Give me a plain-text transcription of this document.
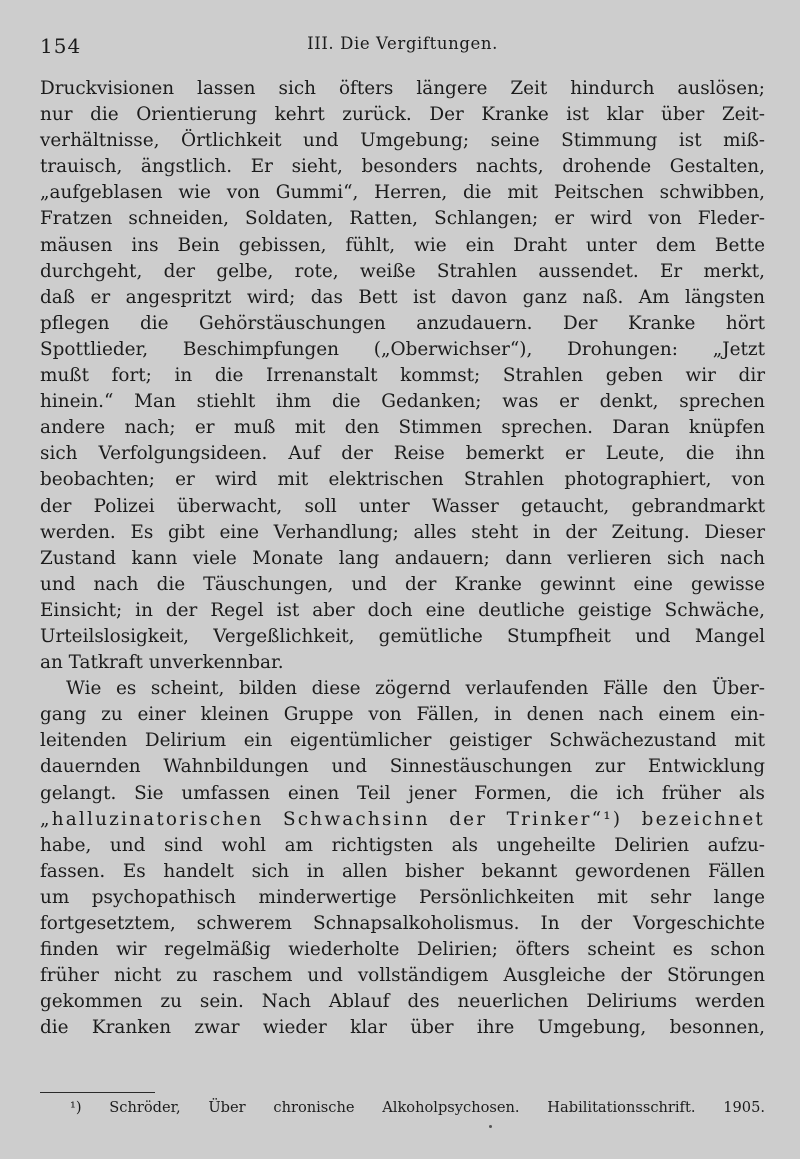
154	III. Die Vergiftungen.
Druckvisionen lassen sich öfters längere Zeit hindurch auslösen;
nur die Orientierung kehrt zurück. Der Kranke ist klar über Zeit-
verhältnisse, Örtlichkeit und Umgebung; seine Stimmung ist miß-
trauisch, ängstlich. Er sieht, besonders nachts, drohende Gestalten,
„aufgeblasen wie von Gummi“, Herren, die mit Peitschen schwibben,
Fratzen schneiden, Soldaten, Ratten, Schlangen; er wird von Fleder-
mäusen ins Bein gebissen, fühlt, wie ein Draht unter dem Bette
durchgeht, der gelbe, rote, weiße Strahlen aussendet. Er merkt,
daß er angespritzt wird; das Bett ist davon ganz naß. Am längsten
pflegen die Gehörstäuschungen anzudauern. Der Kranke hört
Spottlieder, Beschimpfungen („Oberwichser“), Drohungen: „Jetzt
mußt fort; in die Irrenanstalt kommst; Strahlen geben wir dir
hinein.“ Man stiehlt ihm die Gedanken; was er denkt, sprechen
andere nach; er muß mit den Stimmen sprechen. Daran knüpfen
sich Verfolgungsideen. Auf der Reise bemerkt er Leute, die ihn
beobachten; er wird mit elektrischen Strahlen photographiert, von
der Polizei überwacht, soll unter Wasser getaucht, gebrandmarkt
werden. Es gibt eine Verhandlung; alles steht in der Zeitung. Dieser
Zustand kann viele Monate lang andauern; dann verlieren sich nach
und nach die Täuschungen, und der Kranke gewinnt eine gewisse
Einsicht; in der Regel ist aber doch eine deutliche geistige Schwäche,
Urteilslosigkeit, Vergeßlichkeit, gemütliche Stumpfheit und Mangel
an Tatkraft unverkennbar.
Wie es scheint, bilden diese zögernd verlaufenden Fälle den Über-
gang zu einer kleinen Gruppe von Fällen, in denen nach einem ein-
leitenden Delirium ein eigentümlicher geistiger Schwächezustand mit
dauernden Wahnbildungen und Sinnestäuschungen zur Entwicklung
gelangt. Sie umfassen einen Teil jener Formen, die ich früher als
„halluzinatorischen Schwachsinn der Trinker“¹) bezeichnet
habe, und sind wohl am richtigsten als ungeheilte Delirien aufzu-
fassen. Es handelt sich in allen bisher bekannt gewordenen Fällen
um psychopathisch minderwertige Persönlichkeiten mit sehr lange
fortgesetztem, schwerem Schnapsalkoholismus. In der Vorgeschichte
finden wir regelmäßig wiederholte Delirien; öfters scheint es schon
früher nicht zu raschem und vollständigem Ausgleiche der Störungen
gekommen zu sein. Nach Ablauf des neuerlichen Deliriums werden
die Kranken zwar wieder klar über ihre Umgebung, besonnen,
¹) Schröder, Über chronische Alkoholpsychosen. Habilitationsschrift. 1905.
